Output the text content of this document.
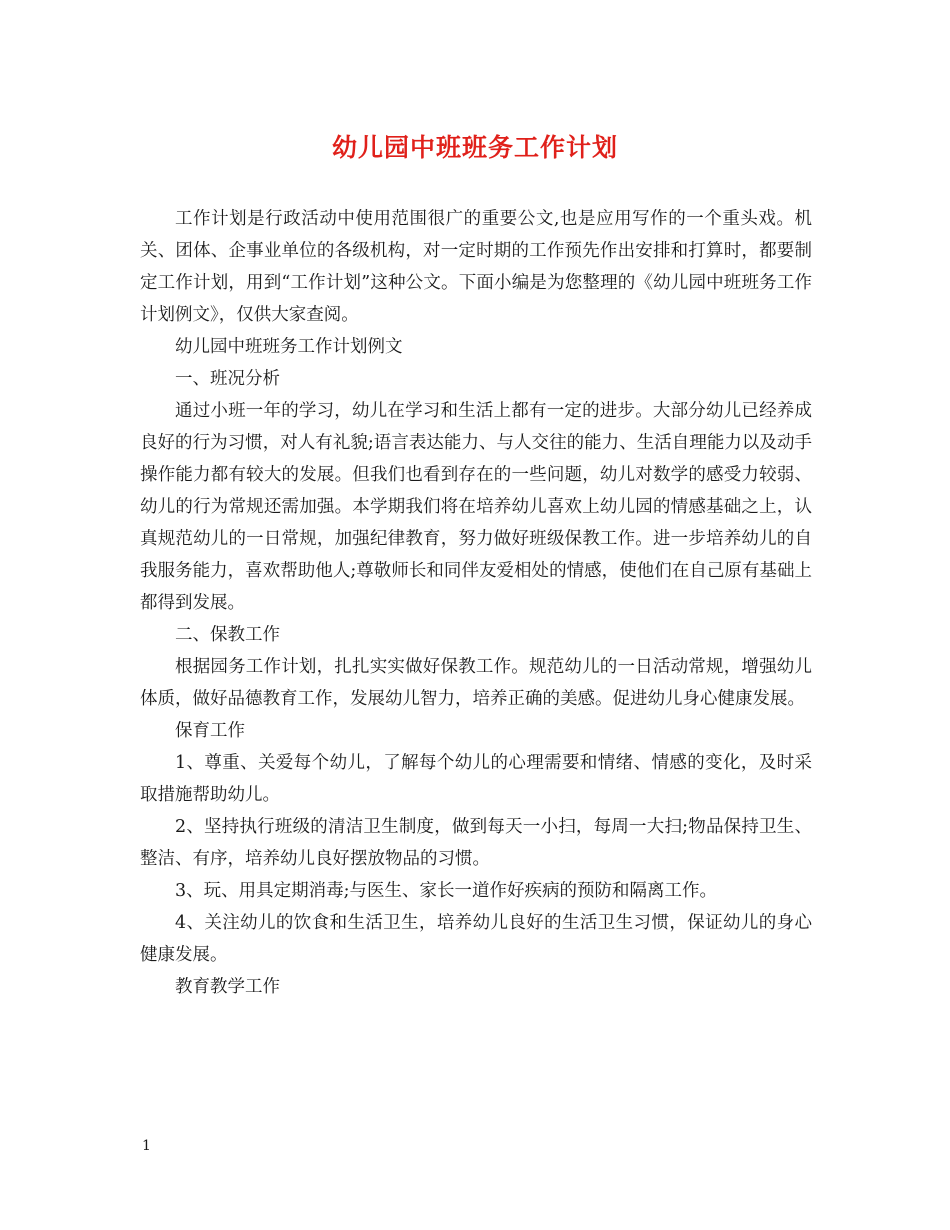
幼儿园中班班务工作计划

工作计划是行政活动中使用范围很广的重要公文,也是应用写作的一个重头戏。机关、团体、企事业单位的各级机构，对一定时期的工作预先作出安排和打算时，都要制定工作计划，用到“工作计划”这种公文。下面小编是为您整理的《幼儿园中班班务工作计划例文》，仅供大家查阅。

幼儿园中班班务工作计划例文

一、班况分析

通过小班一年的学习，幼儿在学习和生活上都有一定的进步。大部分幼儿已经养成良好的行为习惯，对人有礼貌;语言表达能力、与人交往的能力、生活自理能力以及动手操作能力都有较大的发展。但我们也看到存在的一些问题，幼儿对数学的感受力较弱、幼儿的行为常规还需加强。本学期我们将在培养幼儿喜欢上幼儿园的情感基础之上，认真规范幼儿的一日常规，加强纪律教育，努力做好班级保教工作。进一步培养幼儿的自我服务能力，喜欢帮助他人;尊敬师长和同伴友爱相处的情感，使他们在自己原有基础上都得到发展。

二、保教工作

根据园务工作计划，扎扎实实做好保教工作。规范幼儿的一日活动常规，增强幼儿体质，做好品德教育工作，发展幼儿智力，培养正确的美感。促进幼儿身心健康发展。

保育工作

1、尊重、关爱每个幼儿，了解每个幼儿的心理需要和情绪、情感的变化，及时采取措施帮助幼儿。

2、坚持执行班级的清洁卫生制度，做到每天一小扫，每周一大扫;物品保持卫生、整洁、有序，培养幼儿良好摆放物品的习惯。

3、玩、用具定期消毒;与医生、家长一道作好疾病的预防和隔离工作。

4、关注幼儿的饮食和生活卫生，培养幼儿良好的生活卫生习惯，保证幼儿的身心健康发展。

教育教学工作

1
